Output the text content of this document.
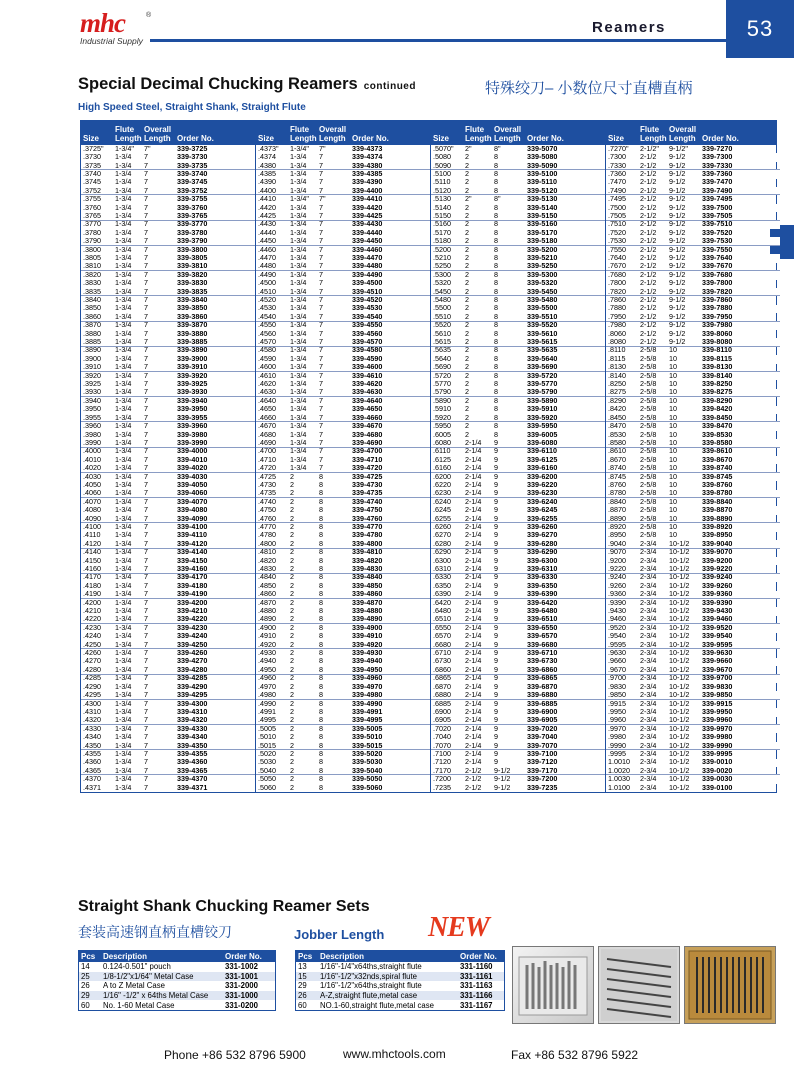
mhc	®
Industrial Supply
Reamers	53
Special Decimal Chucking Reamers continued	特殊绞刀– 小数位尺寸直槽直柄
High Speed Steel, Straight Shank, Straight Flute
Size
Flute
Length
Overall
Length Order No.	Size
Flute
Length
Overall
Length Order No.	Size
Flute
Length
Overall
Length Order No.	Size
Flute
Length
Overall
Length Order No.
.3725"	1-3/4"	7"	339-3725
.3730	1-3/4	7	339-3730
.3735	1-3/4	7	339-3735
.3740	1-3/4	7	339-3740
.3745	1-3/4	7	339-3745
.3752	1-3/4	7	339-3752
.3755	1-3/4	7	339-3755
.3760	1-3/4	7	339-3760
.3765	1-3/4	7	339-3765
.3770	1-3/4	7	339-3770
.3780	1-3/4	7	339-3780
.3790	1-3/4	7	339-3790
.3800	1-3/4	7	339-3800
.3805	1-3/4	7	339-3805
.3810	1-3/4	7	339-3810
.3820	1-3/4	7	339-3820
.3830	1-3/4	7	339-3830
.3835	1-3/4	7	339-3835
.3840	1-3/4	7	339-3840
.3850	1-3/4	7	339-3850
.3860	1-3/4	7	339-3860
.3870	1-3/4	7	339-3870
.3880	1-3/4	7	339-3880
.3885	1-3/4	7	339-3885
.3890	1-3/4	7	339-3890
.3900	1-3/4	7	339-3900
.3910	1-3/4	7	339-3910
.3920	1-3/4	7	339-3920
.3925	1-3/4	7	339-3925
.3930	1-3/4	7	339-3930
.3940	1-3/4	7	339-3940
.3950	1-3/4	7	339-3950
.3955	1-3/4	7	339-3955
.3960	1-3/4	7	339-3960
.3980	1-3/4	7	339-3980
.3990	1-3/4	7	339-3990
.4000	1-3/4	7	339-4000
.4010	1-3/4	7	339-4010
.4020	1-3/4	7	339-4020
.4030	1-3/4	7	339-4030
.4050	1-3/4	7	339-4050
.4060	1-3/4	7	339-4060
.4070	1-3/4	7	339-4070
.4080	1-3/4	7	339-4080
.4090	1-3/4	7	339-4090
.4100	1-3/4	7	339-4100
.4110	1-3/4	7	339-4110
.4120	1-3/4	7	339-4120
.4140	1-3/4	7	339-4140
.4150	1-3/4	7	339-4150
.4160	1-3/4	7	339-4160
.4170	1-3/4	7	339-4170
.4180	1-3/4	7	339-4180
.4190	1-3/4	7	339-4190
.4200	1-3/4	7	339-4200
.4210	1-3/4	7	339-4210
.4220	1-3/4	7	339-4220
.4230	1-3/4	7	339-4230
.4240	1-3/4	7	339-4240
.4250	1-3/4	7	339-4250
.4260	1-3/4	7	339-4260
.4270	1-3/4	7	339-4270
.4280	1-3/4	7	339-4280
.4285	1-3/4	7	339-4285
.4290	1-3/4	7	339-4290
.4295	1-3/4	7	339-4295
.4300	1-3/4	7	339-4300
.4310	1-3/4	7	339-4310
.4320	1-3/4	7	339-4320
.4330	1-3/4	7	339-4330
.4340	1-3/4	7	339-4340
.4350	1-3/4	7	339-4350
.4355	1-3/4	7	339-4355
.4360	1-3/4	7	339-4360
.4365	1-3/4	7	339-4365
.4370	1-3/4	7	339-4370
.4371	1-3/4	7	339-4371
.4373"	1-3/4"	7"	339-4373
.4374	1-3/4	7	339-4374
.4380	1-3/4	7	339-4380
.4385	1-3/4	7	339-4385
.4390	1-3/4	7	339-4390
.4400	1-3/4	7	339-4400
.4410	1-3/4"	7"	339-4410
.4420	1-3/4	7	339-4420
.4425	1-3/4	7	339-4425
.4430	1-3/4	7	339-4430
.4440	1-3/4	7	339-4440
.4450	1-3/4	7	339-4450
.4460	1-3/4	7	339-4460
.4470	1-3/4	7	339-4470
.4480	1-3/4	7	339-4480
.4490	1-3/4	7	339-4490
.4500	1-3/4	7	339-4500
.4510	1-3/4	7	339-4510
.4520	1-3/4	7	339-4520
.4530	1-3/4	7	339-4530
.4540	1-3/4	7	339-4540
.4550	1-3/4	7	339-4550
.4560	1-3/4	7	339-4560
.4570	1-3/4	7	339-4570
.4580	1-3/4	7	339-4580
.4590	1-3/4	7	339-4590
.4600	1-3/4	7	339-4600
.4610	1-3/4	7	339-4610
.4620	1-3/4	7	339-4620
.4630	1-3/4	7	339-4630
.4640	1-3/4	7	339-4640
.4650	1-3/4	7	339-4650
.4660	1-3/4	7	339-4660
.4670	1-3/4	7	339-4670
.4680	1-3/4	7	339-4680
.4690	1-3/4	7	339-4690
.4700	1-3/4	7	339-4700
.4710	1-3/4	7	339-4710
.4720	1-3/4	7	339-4720
.4725	2	8	339-4725
.4730	2	8	339-4730
.4735	2	8	339-4735
.4740	2	8	339-4740
.4750	2	8	339-4750
.4760	2	8	339-4760
.4770	2	8	339-4770
.4780	2	8	339-4780
.4800	2	8	339-4800
.4810	2	8	339-4810
.4820	2	8	339-4820
.4830	2	8	339-4830
.4840	2	8	339-4840
.4850	2	8	339-4850
.4860	2	8	339-4860
.4870	2	8	339-4870
.4880	2	8	339-4880
.4890	2	8	339-4890
.4900	2	8	339-4900
.4910	2	8	339-4910
.4920	2	8	339-4920
.4930	2	8	339-4930
.4940	2	8	339-4940
.4950	2	8	339-4950
.4960	2	8	339-4960
.4970	2	8	339-4970
.4980	2	8	339-4980
.4990	2	8	339-4990
.4991	2	8	339-4991
.4995	2	8	339-4995
.5005	2	8	339-5005
.5010	2	8	339-5010
.5015	2	8	339-5015
.5020	2	8	339-5020
.5030	2	8	339-5030
.5040	2	8	339-5040
.5050	2	8	339-5050
.5060	2	8	339-5060
.5070"	2"	8"	339-5070
.5080	2	8	339-5080
.5090	2	8	339-5090
.5100	2	8	339-5100
.5110	2	8	339-5110
.5120	2	8	339-5120
.5130	2"	8"	339-5130
.5140	2	8	339-5140
.5150	2	8	339-5150
.5160	2	8	339-5160
.5170	2	8	339-5170
.5180	2	8	339-5180
.5200	2	8	339-5200
.5210	2	8	339-5210
.5250	2	8	339-5250
.5300	2	8	339-5300
.5320	2	8	339-5320
.5450	2	8	339-5450
.5480	2	8	339-5480
.5500	2	8	339-5500
.5510	2	8	339-5510
.5520	2	8	339-5520
.5610	2	8	339-5610
.5615	2	8	339-5615
.5635	2	8	339-5635
.5640	2	8	339-5640
.5690	2	8	339-5690
.5720	2	8	339-5720
.5770	2	8	339-5770
.5790	2	8	339-5790
.5890	2	8	339-5890
.5910	2	8	339-5910
.5920	2	8	339-5920
.5950	2	8	339-5950
.6005	2	8	339-6005
.6080	2-1/4	9	339-6080
.6110	2-1/4	9	339-6110
.6125	2-1/4	9	339-6125
.6160	2-1/4	9	339-6160
.6200	2-1/4	9	339-6200
.6220	2-1/4	9	339-6220
.6230	2-1/4	9	339-6230
.6240	2-1/4	9	339-6240
.6245	2-1/4	9	339-6245
.6255	2-1/4	9	339-6255
.6260	2-1/4	9	339-6260
.6270	2-1/4	9	339-6270
.6280	2-1/4	9	339-6280
.6290	2-1/4	9	339-6290
.6300	2-1/4	9	339-6300
.6310	2-1/4	9	339-6310
.6330	2-1/4	9	339-6330
.6350	2-1/4	9	339-6350
.6390	2-1/4	9	339-6390
.6420	2-1/4	9	339-6420
.6480	2-1/4	9	339-6480
.6510	2-1/4	9	339-6510
.6550	2-1/4	9	339-6550
.6570	2-1/4	9	339-6570
.6680	2-1/4	9	339-6680
.6710	2-1/4	9	339-6710
.6730	2-1/4	9	339-6730
.6860	2-1/4	9	339-6860
.6865	2-1/4	9	339-6865
.6870	2-1/4	9	339-6870
.6880	2-1/4	9	339-6880
.6885	2-1/4	9	339-6885
.6900	2-1/4	9	339-6900
.6905	2-1/4	9	339-6905
.7020	2-1/4	9	339-7020
.7040	2-1/4	9	339-7040
.7070	2-1/4	9	339-7070
.7100	2-1/4	9	339-7100
.7120	2-1/4	9	339-7120
.7170	2-1/2	9-1/2	339-7170
.7200	2-1/2	9-1/2	339-7200
.7235	2-1/2	9-1/2	339-7235
.7270"	2-1/2"	9-1/2"	339-7270
.7300	2-1/2	9-1/2	339-7300
.7330	2-1/2	9-1/2	339-7330
.7360	2-1/2	9-1/2	339-7360
.7470	2-1/2	9-1/2	339-7470
.7490	2-1/2	9-1/2	339-7490
.7495	2-1/2	9-1/2	339-7495
.7500	2-1/2	9-1/2	339-7500
.7505	2-1/2	9-1/2	339-7505
.7510	2-1/2	9-1/2	339-7510
.7520	2-1/2	9-1/2	339-7520
.7530	2-1/2	9-1/2	339-7530
.7550	2-1/2	9-1/2	339-7550
.7640	2-1/2	9-1/2	339-7640
.7670	2-1/2	9-1/2	339-7670
.7680	2-1/2	9-1/2	339-7680
.7800	2-1/2	9-1/2	339-7800
.7820	2-1/2	9-1/2	339-7820
.7860	2-1/2	9-1/2	339-7860
.7880	2-1/2	9-1/2	339-7880
.7950	2-1/2	9-1/2	339-7950
.7980	2-1/2	9-1/2	339-7980
.8060	2-1/2	9-1/2	339-8060
.8080	2-1/2	9-1/2	339-8080
.8110	2-5/8	10	339-8110
.8115	2-5/8	10	339-8115
.8130	2-5/8	10	339-8130
.8140	2-5/8	10	339-8140
.8250	2-5/8	10	339-8250
.8275	2-5/8	10	339-8275
.8290	2-5/8	10	339-8290
.8420	2-5/8	10	339-8420
.8450	2-5/8	10	339-8450
.8470	2-5/8	10	339-8470
.8530	2-5/8	10	339-8530
.8580	2-5/8	10	339-8580
.8610	2-5/8	10	339-8610
.8670	2-5/8	10	339-8670
.8740	2-5/8	10	339-8740
.8745	2-5/8	10	339-8745
.8760	2-5/8	10	339-8760
.8780	2-5/8	10	339-8780
.8840	2-5/8	10	339-8840
.8870	2-5/8	10	339-8870
.8890	2-5/8	10	339-8890
.8920	2-5/8	10	339-8920
.8950	2-5/8	10	339-8950
.9040	2-3/4	10-1/2	339-9040
.9070	2-3/4	10-1/2	339-9070
.9200	2-3/4	10-1/2	339-9200
.9220	2-3/4	10-1/2	339-9220
.9240	2-3/4	10-1/2	339-9240
.9260	2-3/4	10-1/2	339-9260
.9360	2-3/4	10-1/2	339-9360
.9390	2-3/4	10-1/2	339-9390
.9430	2-3/4	10-1/2	339-9430
.9460	2-3/4	10-1/2	339-9460
.9520	2-3/4	10-1/2	339-9520
.9540	2-3/4	10-1/2	339-9540
.9595	2-3/4	10-1/2	339-9595
.9630	2-3/4	10-1/2	339-9630
.9660	2-3/4	10-1/2	339-9660
.9670	2-3/4	10-1/2	339-9670
.9700	2-3/4	10-1/2	339-9700
.9830	2-3/4	10-1/2	339-9830
.9850	2-3/4	10-1/2	339-9850
.9915	2-3/4	10-1/2	339-9915
.9950	2-3/4	10-1/2	339-9950
.9960	2-3/4	10-1/2	339-9960
.9970	2-3/4	10-1/2	339-9970
.9980	2-3/4	10-1/2	339-9980
.9990	2-3/4	10-1/2	339-9990
.9995	2-3/4	10-1/2	339-9995
1.0010	2-3/4	10-1/2	339-0010
1.0020	2-3/4	10-1/2	339-0020
1.0030	2-3/4	10-1/2	339-0030
1.0100	2-3/4	10-1/2	339-0100
Straight Shank Chucking Reamer Sets
套装高速钢直柄直槽铰刀	Jobber Length NEW
Pcs Description	Order No.
14	0.124-0.501" pouch	331-1002
25	1/8-1/2"x1/64" Metal Case	331-1001
26	A to Z Metal Case	331-2000
29	1/16" -1/2" x 64ths Metal Case	331-1000
60	No. 1-60 Metal Case	331-0200
Pcs Description	Order No.
13	1/16"-1/4"x64ths,straight flute	331-1160
15	1/16"-1/2"x32nds,spiral flute	331-1161
29	1/16"-1/2"x64ths,straight flute	331-1163
26	A-Z,straight flute,metal case	331-1166
60	NO.1-60,straight flute,metal case	331-1167
Phone +86 532 8796 5900	www.mhctools.com	Fax +86 532 8796 5922
